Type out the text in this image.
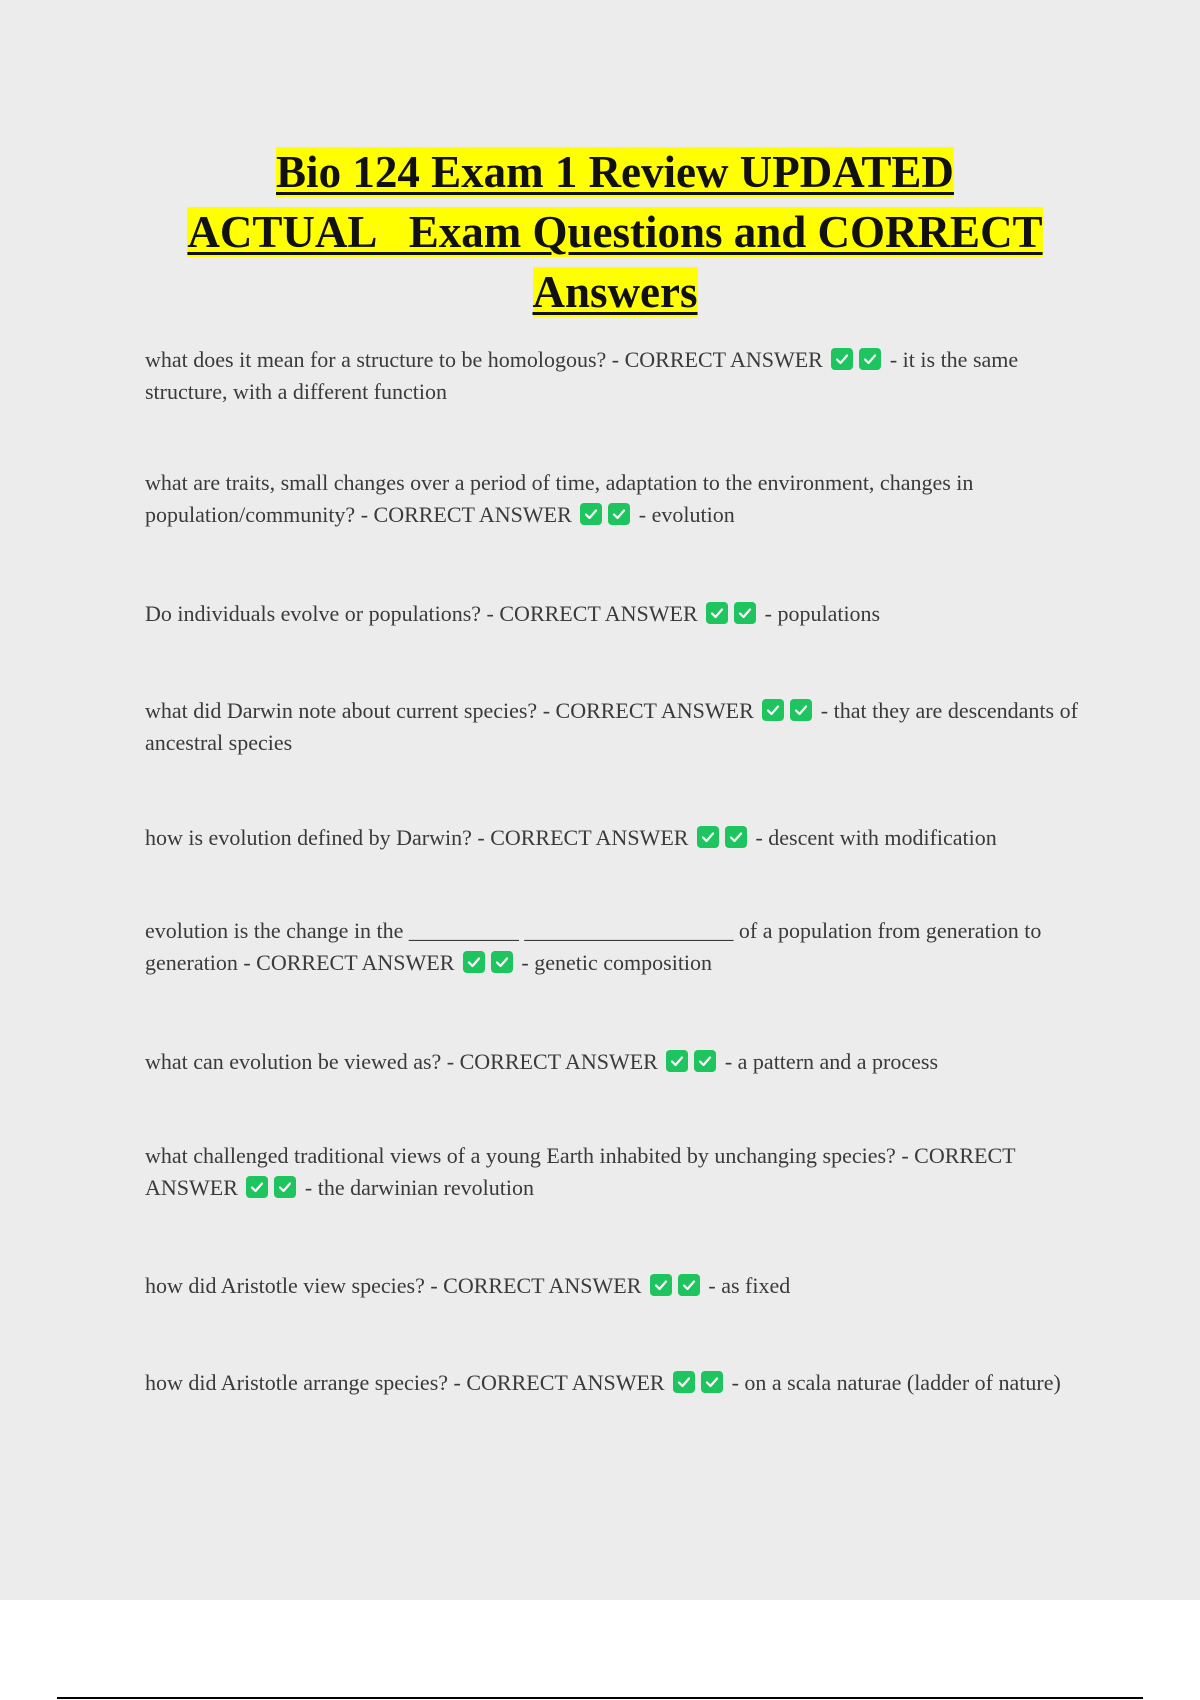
Bio 124 Exam 1 Review UPDATED
ACTUAL   Exam Questions and CORRECT
Answers

what does it mean for a structure to be homologous? - CORRECT ANSWER	- it is the same structure, with a different function

what are traits, small changes over a period of time, adaptation to the environment, changes in population/community? - CORRECT ANSWER	- evolution

Do individuals evolve or populations? - CORRECT ANSWER	- populations

what did Darwin note about current species? - CORRECT ANSWER	- that they are descendants of ancestral species

how is evolution defined by Darwin? - CORRECT ANSWER	- descent with modification

evolution is the change in the __________ ___________________ of a population from generation to generation - CORRECT ANSWER	- genetic composition

what can evolution be viewed as? - CORRECT ANSWER	- a pattern and a process

what challenged traditional views of a young Earth inhabited by unchanging species? - CORRECT ANSWER	- the darwinian revolution

how did Aristotle view species? - CORRECT ANSWER	- as fixed

how did Aristotle arrange species? - CORRECT ANSWER	- on a scala naturae (ladder of nature)
